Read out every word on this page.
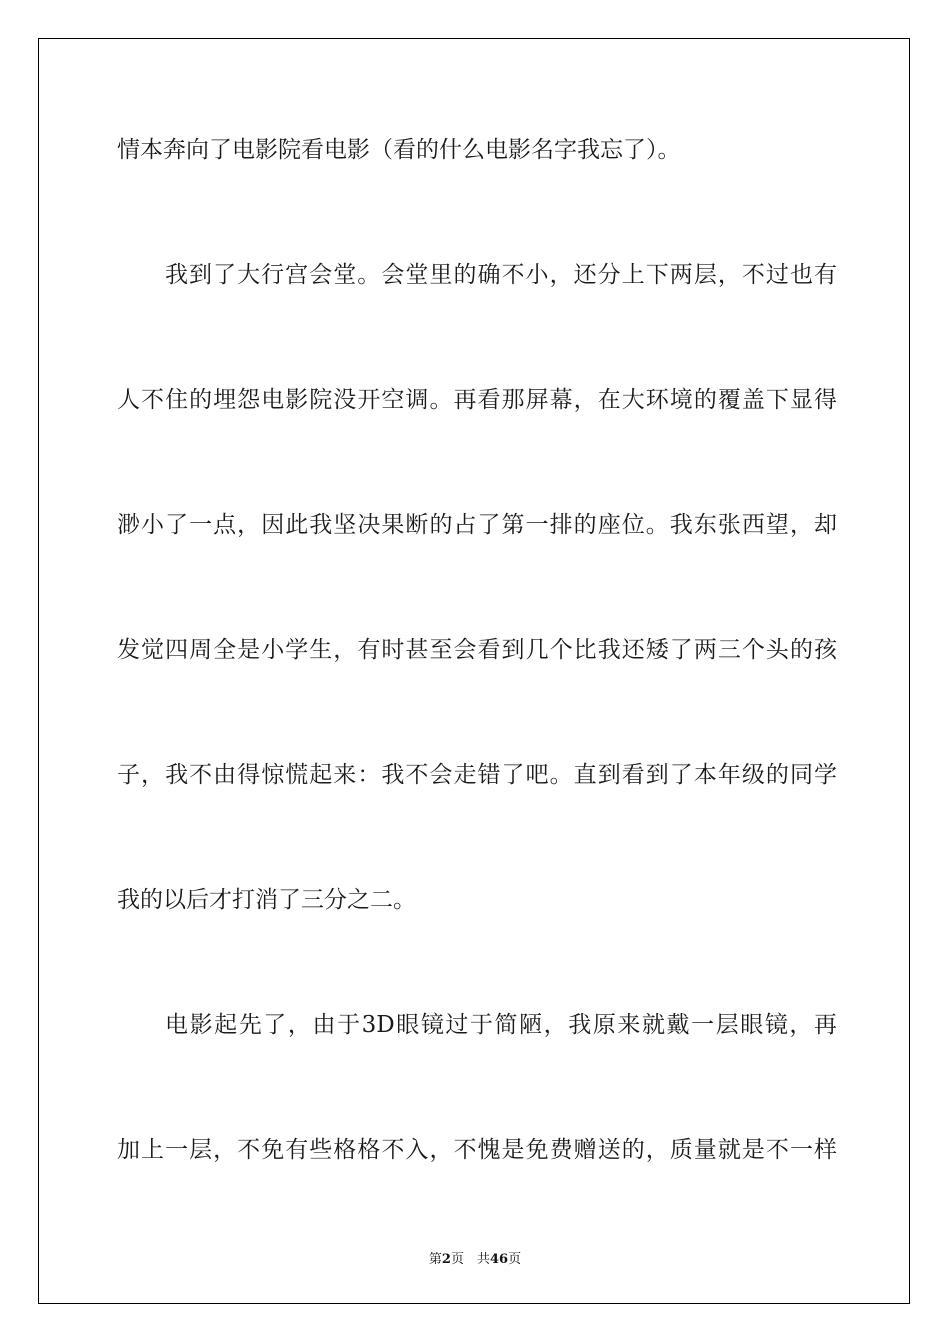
情本奔向了电影院看电影（看的什么电影名字我忘了）。
我到了大行宫会堂。会堂里的确不小，还分上下两层，不过也有
人不住的埋怨电影院没开空调。再看那屏幕，在大环境的覆盖下显得
渺小了一点，因此我坚决果断的占了第一排的座位。我东张西望，却
发觉四周全是小学生，有时甚至会看到几个比我还矮了两三个头的孩
子，我不由得惊慌起来：我不会走错了吧。直到看到了本年级的同学
我的以后才打消了三分之二。
电影起先了，由于3D眼镜过于简陋，我原来就戴一层眼镜，再
加上一层，不免有些格格不入，不愧是免费赠送的，质量就是不一样
第2页　共46页
